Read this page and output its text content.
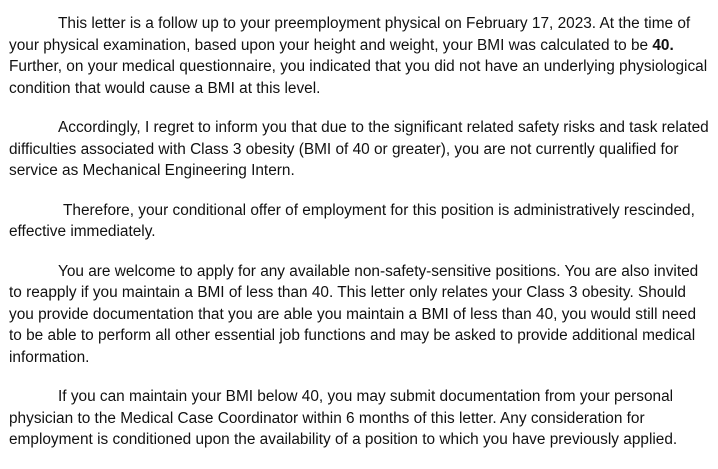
This letter is a follow up to your preemployment physical on February 17, 2023. At the time of your physical examination, based upon your height and weight, your BMI was calculated to be 40. Further, on your medical questionnaire, you indicated that you did not have an underlying physiological condition that would cause a BMI at this level.

Accordingly, I regret to inform you that due to the significant related safety risks and task related difficulties associated with Class 3 obesity (BMI of 40 or greater), you are not currently qualified for service as Mechanical Engineering Intern.

Therefore, your conditional offer of employment for this position is administratively rescinded, effective immediately.

You are welcome to apply for any available non-safety-sensitive positions. You are also invited to reapply if you maintain a BMI of less than 40. This letter only relates your Class 3 obesity. Should you provide documentation that you are able you maintain a BMI of less than 40, you would still need to be able to perform all other essential job functions and may be asked to provide additional medical information.

If you can maintain your BMI below 40, you may submit documentation from your personal physician to the Medical Case Coordinator within 6 months of this letter. Any consideration for employment is conditioned upon the availability of a position to which you have previously applied.
